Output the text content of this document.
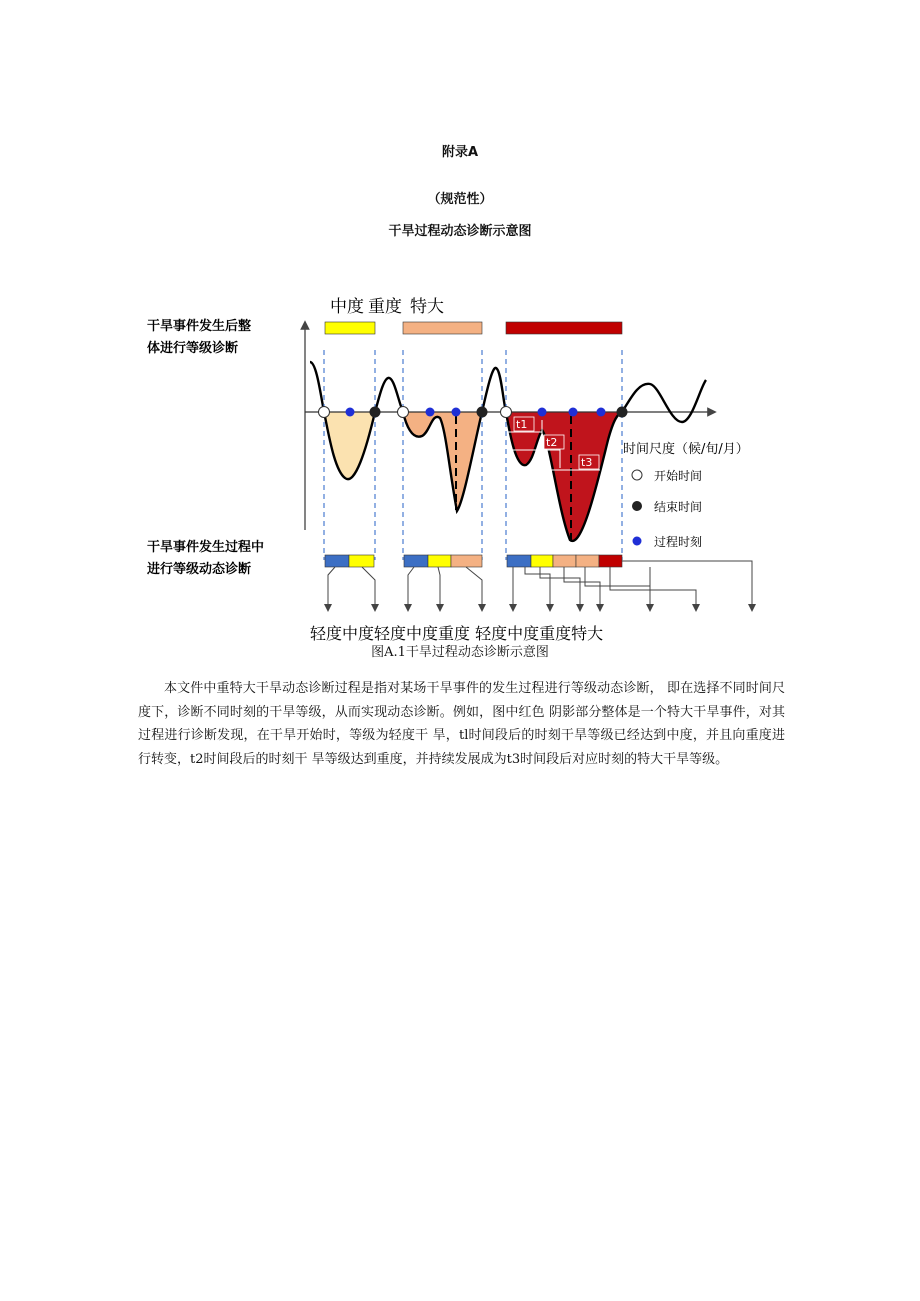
附录A
（规范性）
干旱过程动态诊断示意图
中度 重度 特大
干旱事件发生后整
体进行等级诊断
干旱事件发生过程中
进行等级动态诊断
t1
t2
t3
时间尺度（候/旬/月）
开始时间
结束时间
过程时刻
轻度中度轻度中度重度 轻度中度重度特大
图A.1干旱过程动态诊断示意图

本文件中重特大干旱动态诊断过程是指对某场干旱事件的发生过程进行等级动态诊断， 即在选择不同时间尺度下，诊断不同时刻的干旱等级，从而实现动态诊断。例如，图中红色 阴影部分整体是一个特大干旱事件，对其过程进行诊断发现，在干旱开始时，等级为轻度干 旱，tl时间段后的时刻干旱等级已经达到中度，并且向重度进行转变，t2时间段后的时刻干 旱等级达到重度，并持续发展成为t3时间段后对应时刻的特大干旱等级。
